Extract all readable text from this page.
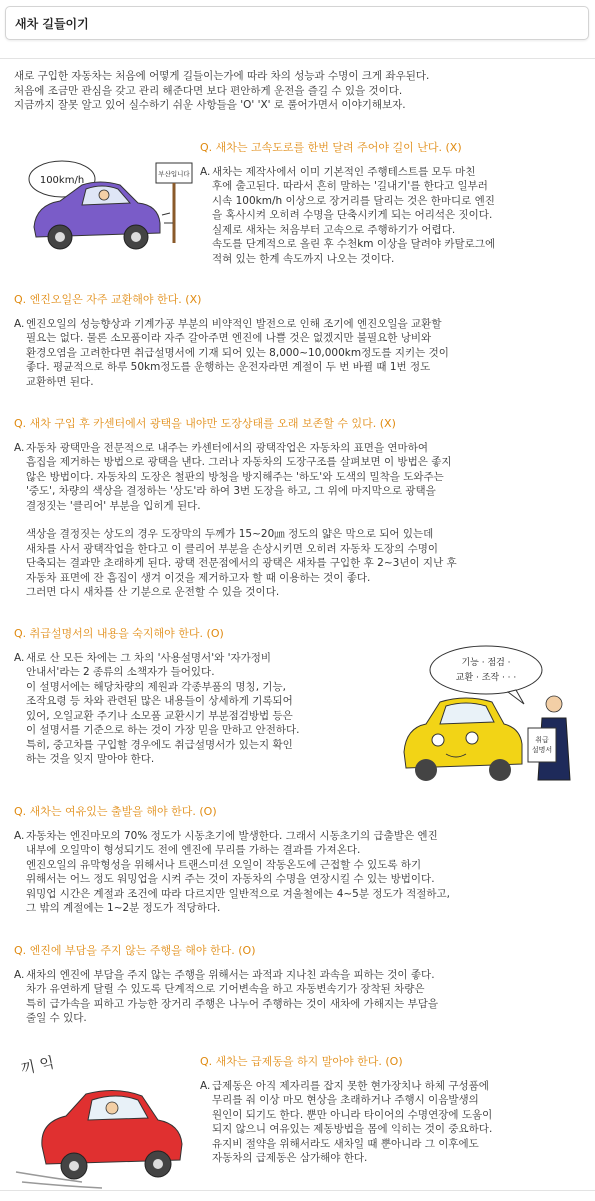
새차 길들이기

새로 구입한 자동차는 처음에 어떻게 길들이는가에 따라 차의 성능과 수명이 크게 좌우된다.

처음에 조금만 관심을 갖고 관리 해준다면 보다 편안하게 운전을 즐길 수 있을 것이다.

지금까지 잘못 알고 있어 실수하기 쉬운 사항들을 'O' 'X' 로 풀어가면서 이야기해보자.

100km/h
부산입니다

Q. 새차는 고속도로를 한번 달려 주어야 길이 난다. (X)

A. 새차는 제작사에서 이미 기본적인 주행테스트를 모두 마친

후에 출고된다. 따라서 흔히 말하는 '길내기'를 한다고 일부러

시속 100km/h 이상으로 장거리를 달리는 것은 한마디로 엔진

을 혹사시켜 오히려 수명을 단축시키게 되는 어리석은 짓이다.

실제로 새차는 처음부터 고속으로 주행하기가 어렵다.

속도를 단계적으로 올린 후 수천km 이상을 달려야 카탈로그에

적혀 있는 한계 속도까지 나오는 것이다.

Q. 엔진오일은 자주 교환해야 한다. (X)

A. 엔진오일의 성능향상과 기계가공 부분의 비약적인 발전으로 인해 조기에 엔진오일을 교환할

필요는 없다. 물론 소모품이라 자주 갈아주면 엔진에 나쁠 것은 없겠지만 불필요한 낭비와

환경오염을 고려한다면 취급설명서에 기재 되어 있는 8,000~10,000km정도를 지키는 것이

좋다. 평균적으로 하루 50km정도를 운행하는 운전자라면 계절이 두 번 바뀔 때 1번 정도

교환하면 된다.

Q. 새차 구입 후 카센터에서 광택을 내야만 도장상태를 오래 보존할 수 있다. (X)

A. 자동차 광택만을 전문적으로 내주는 카센터에서의 광택작업은 자동차의 표면을 연마하여

흠집을 제거하는 방법으로 광택을 낸다. 그러나 자동차의 도장구조를 살펴보면 이 방법은 좋지

않은 방법이다. 자동차의 도장은 철판의 방청을 방지해주는 '하도'와 도색의 밀착을 도와주는

'중도', 차량의 색상을 결정하는 '상도'라 하여 3번 도장을 하고, 그 위에 마지막으로 광택을

결정짓는 '클리어' 부분을 입히게 된다.

색상을 결정짓는 상도의 경우 도장막의 두께가 15~20㎛ 정도의 얇은 막으로 되어 있는데

새차를 사서 광택작업을 한다고 이 클리어 부분을 손상시키면 오히려 자동차 도장의 수명이

단축되는 결과만 초래하게 된다. 광택 전문점에서의 광택은 새차를 구입한 후 2~3년이 지난 후

자동차 표면에 잔 흠집이 생겨 이것을 제거하고자 할 때 이용하는 것이 좋다.

그러면 다시 새차를 산 기분으로 운전할 수 있을 것이다.

Q. 취급설명서의 내용을 숙지해야 한다. (O)

A. 새로 산 모든 차에는 그 차의 '사용설명서'와 '자가정비

안내서'라는 2 종류의 소책자가 들어있다.

이 설명서에는 해당차량의 제원과 각종부품의 명칭, 기능,

조작요령 등 차와 관련된 많은 내용들이 상세하게 기록되어

있어, 오일교환 주기나 소모품 교환시기 부분점검방법 등은

이 설명서를 기준으로 하는 것이 가장 믿을 만하고 안전하다.

특히, 중고차를 구입할 경우에도 취급설명서가 있는지 확인

하는 것을 잊지 말아야 한다.

기능 · 점검 ·
교환 · 조작 · · ·
취급
설명서

Q. 새차는 여유있는 출발을 해야 한다. (O)

A. 자동차는 엔진마모의 70% 정도가 시동초기에 발생한다. 그래서 시동초기의 급출발은 엔진

내부에 오일막이 형성되기도 전에 엔진에 무리를 가하는 결과를 가져온다.

엔진오일의 유막형성을 위해서나 트랜스미션 오일이 작동온도에 근접할 수 있도록 하기

위해서는 어느 정도 워밍업을 시켜 주는 것이 자동차의 수명을 연장시킬 수 있는 방법이다.

워밍업 시간은 계절과 조건에 따라 다르지만 일반적으로 겨울철에는 4~5분 정도가 적절하고,

그 밖의 계절에는 1~2분 정도가 적당하다.

Q. 엔진에 부담을 주지 않는 주행을 해야 한다. (O)

A. 새차의 엔진에 부담을 주지 않는 주행을 위해서는 과적과 지나친 과속을 피하는 것이 좋다.

차가 유연하게 달릴 수 있도록 단계적으로 기어변속을 하고 자동변속기가 장착된 차량은

특히 급가속을 피하고 가능한 장거리 주행은 나누어 주행하는 것이 새차에 가해지는 부담을

줄일 수 있다.

끼 익	Q. 새차는 급제동을 하지 말아야 한다. (O)

A. 급제동은 아직 제자리를 잡지 못한 현가장치나 하체 구성품에

무리를 줘 이상 마모 현상을 초래하거나 주행시 이음발생의

원인이 되기도 한다. 뿐만 아니라 타이어의 수명연장에 도움이

되지 않으니 여유있는 제동방법을 몸에 익히는 것이 중요하다.

유지비 절약을 위해서라도 새차일 때 뿐아니라 그 이후에도

자동차의 급제동은 삼가해야 한다.
